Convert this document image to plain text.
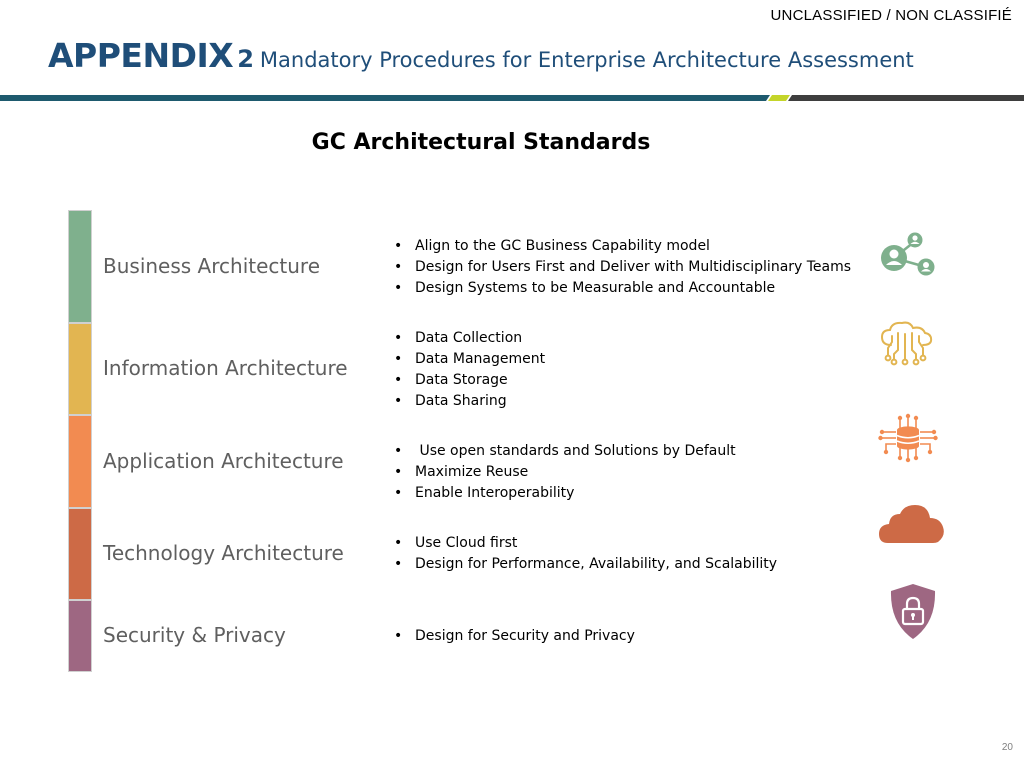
UNCLASSIFIED / NON CLASSIFIÉ
APPENDIX 2 Mandatory Procedures for Enterprise Architecture Assessment
GC Architectural Standards
Business Architecture
Information Architecture
Application Architecture
Technology Architecture
Security & Privacy
• Align to the GC Business Capability model
• Design for Users First and Deliver with Multidisciplinary Teams
• Design Systems to be Measurable and Accountable
• Data Collection
• Data Management
• Data Storage
• Data Sharing
•  Use open standards and Solutions by Default
• Maximize Reuse
• Enable Interoperability
• Use Cloud first
• Design for Performance, Availability, and Scalability
• Design for Security and Privacy
20
